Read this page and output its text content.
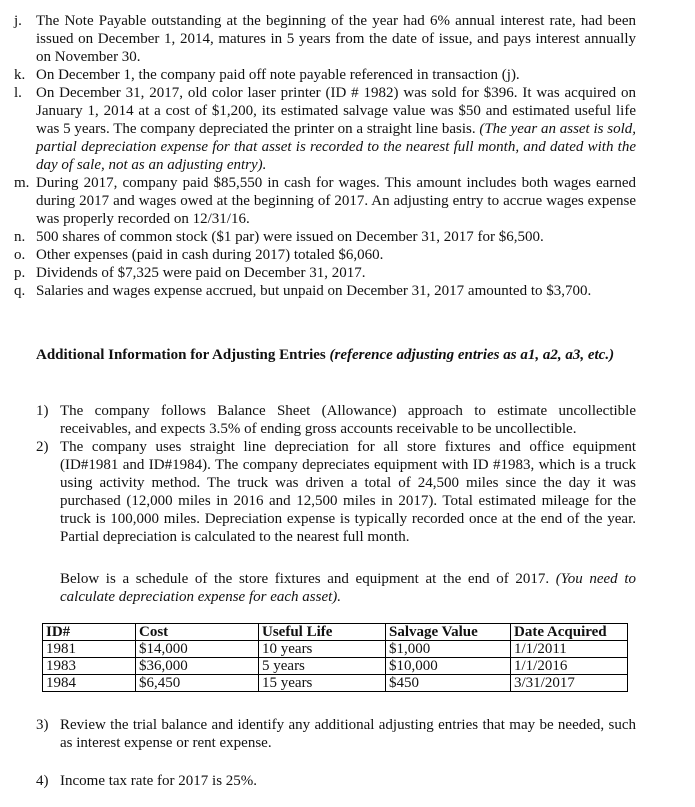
j. The Note Payable outstanding at the beginning of the year had 6% annual interest rate, had been issued on December 1, 2014, matures in 5 years from the date of issue, and pays interest annually on November 30.
k. On December 1, the company paid off note payable referenced in transaction (j).
l. On December 31, 2017, old color laser printer (ID # 1982) was sold for $396. It was acquired on January 1, 2014 at a cost of $1,200, its estimated salvage value was $50 and estimated useful life was 5 years. The company depreciated the printer on a straight line basis. (The year an asset is sold, partial depreciation expense for that asset is recorded to the nearest full month, and dated with the day of sale, not as an adjusting entry).
m. During 2017, company paid $85,550 in cash for wages. This amount includes both wages earned during 2017 and wages owed at the beginning of 2017. An adjusting entry to accrue wages expense was properly recorded on 12/31/16.
n. 500 shares of common stock ($1 par) were issued on December 31, 2017 for $6,500.
o. Other expenses (paid in cash during 2017) totaled $6,060.
p. Dividends of $7,325 were paid on December 31, 2017.
q. Salaries and wages expense accrued, but unpaid on December 31, 2017 amounted to $3,700.

Additional Information for Adjusting Entries (reference adjusting entries as a1, a2, a3, etc.)

1) The company follows Balance Sheet (Allowance) approach to estimate uncollectible receivables, and expects 3.5% of ending gross accounts receivable to be uncollectible.
2) The company uses straight line depreciation for all store fixtures and office equipment (ID#1981 and ID#1984). The company depreciates equipment with ID #1983, which is a truck using activity method. The truck was driven a total of 24,500 miles since the day it was purchased (12,000 miles in 2016 and 12,500 miles in 2017). Total estimated mileage for the truck is 100,000 miles. Depreciation expense is typically recorded once at the end of the year. Partial depreciation is calculated to the nearest full month.

Below is a schedule of the store fixtures and equipment at the end of 2017. (You need to calculate depreciation expense for each asset).

ID#	Cost	Useful Life	Salvage Value	Date Acquired
1981	$14,000	10 years	$1,000	1/1/2011
1983	$36,000	5 years	$10,000	1/1/2016
1984	$6,450	15 years	$450	3/31/2017
3) Review the trial balance and identify any additional adjusting entries that may be needed, such as interest expense or rent expense.
4) Income tax rate for 2017 is 25%.
